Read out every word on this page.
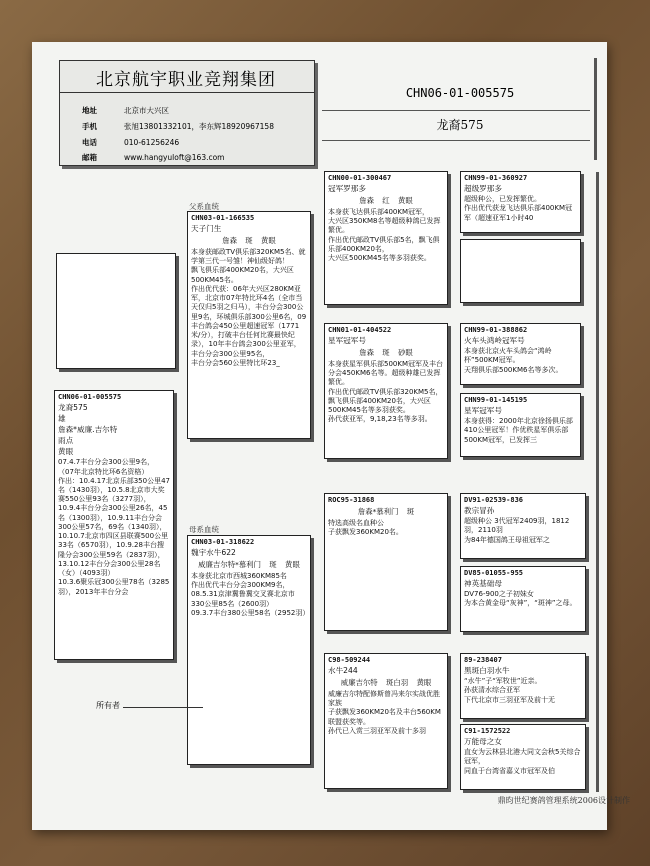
北京航宇职业竞翔集团
地址	北京市大兴区
手机	张旭13801332101，李东辉18920967158
电话	010-61256246
邮箱	www.hangyuloft@163.com
CHN06-01-005575
龙裔575
CHN06-01-005575
龙裔575
雄
詹森*威廉.吉尔特
雨点
黄眼
07.4.7丰台分会300公里9名，
（07年北京特比环6名资格）
作出：10.4.17北京乐部350公里47名（1430羽），10.5.8北京市大奖赛550公里93名（3277羽），10.9.4丰台分会300公里26名，45名（1300羽），10.9.11丰台分会300公里57名，69名（1340羽），
10.10.7北京市四区县联赛500公里33名（6570羽），10.9.28丰台搜隆分会300公里59名（2837羽），13.10.12丰台分会300公里28名（女）（4093羽）
10.3.6聚乐冠300公里78名（3285羽），2013年丰台分会
父系血统
CHN03-01-166535
天子门生
詹森 斑 黄眼
本身获邮政TV俱乐部320KM5名、就学第三代一号雏！神仙级好鸽！
飘飞俱乐部400KM20名，大兴区500KM45名。
作出优代获：06年大兴区280KM亚军，北京市07年特比环4名（全市当天仅归5羽之归马），丰台分会300公里9名，环城俱乐部300公里6名，09丰台鸽会450公里超速冠军（1771米/分），打破丰台任何比赛最快纪录），10年丰台鸽会300公里亚军，丰台分会300公里95名，
丰台分会560公里特比环23_
母系血统
CHN03-01-318622
魏宇水牛622
威廉吉尔特*慕利门 斑 黄眼
本身获北京市西城360KM85名
作出优代丰台分会300KM9名，08.5.31京津冀鲁冀交叉赛北京市330公里85名（2600羽）
09.3.7丰台380公里58名（2952羽）
CHN00-01-300467
冠军罗那多
詹森 红 黄眼
本身获飞达俱乐部400KM冠军，
大兴区350KM8名等超级种鸽已发挥繁优。
作出优代邮政TV俱乐部5名，飘飞俱乐部400KM20名，
大兴区500KM45名等多羽获奖。
CHN99-01-360927
超级罗那多
超级种公，已发挥繁优。
作出优代获龙飞达俱乐部400KM冠军（超速亚军1小时40
CHN01-01-404522
星军冠军号
詹森 斑 砂眼
本身获星军俱乐部500KM冠军及丰台分会450KM6名等。超级种雄已发挥繁优。
作出优代邮政TV俱乐部320KM5名，飘飞俱乐部400KM20名，大兴区500KM45名等多羽获奖。
孙代获亚军，9,18,23名等多羽。
CHN99-01-388862
火车头鸿岭冠军号
本身获北京火车头鸽会“鸿岭杯”500KM冠军。
天翔俱乐部500KM6名等多次。
CHN99-01-145195
星军冠军号
本身获得：2000年北京徐扬俱乐部410公里冠军！作优秩星军俱乐部500KM冠军，已发挥三
ROC95-31868
詹森*慕利门 斑
特选高级名血种公
子获飘发360KM20名。
DV91-02539-836
教宗冒孙
超级种公 3代冠军2409羽，1812羽，2110羽
为84年德国鸽王母祖冠军之
DV85-01055-955
神英基础母
DV76-900之子初妹女
为本合黄金母“灰神”，“斑神”之母。
C98-509244
水牛244
威廉吉尔特 斑白羽 黄眼
威廉吉尔特配修斯曾冯来尔实战优胜家族
子获飘发360KM20名及丰台560KM联盟获奖等。
孙代已入赏三羽亚军及前十多羽
89-238407
黑斑白羽水牛
“水牛”子“军牧世”近亲。
孙获清水综合亚军
下代北京市三羽亚军及前十无
C91-1572522
万能母之女
直女为云林县北港大同文会秋5关综合冠军，
同血于台湾省嘉义市冠军及伯
所有者
鼎昀世纪赛鸽管理系统2006设计制作
